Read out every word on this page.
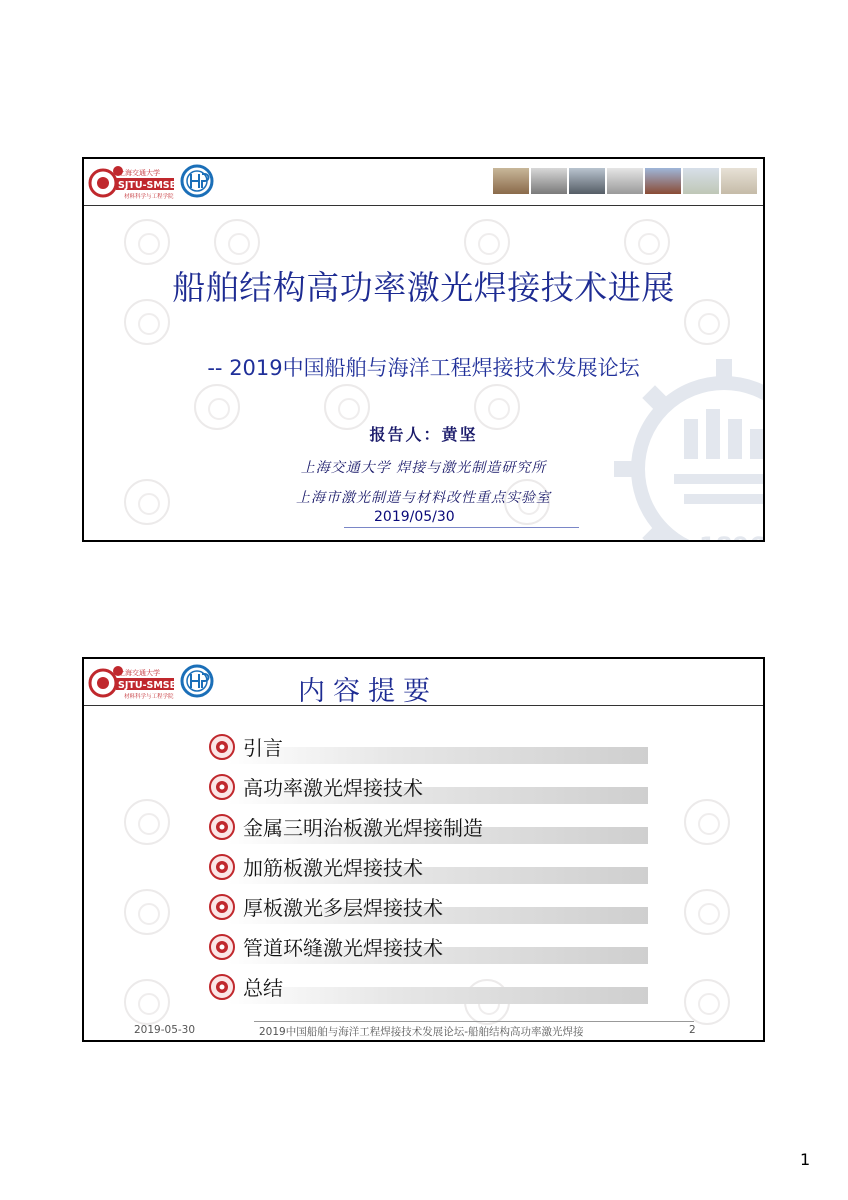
1896
上海交通大学
SJTU-SMSE
材料科学与工程学院
船舶结构高功率激光焊接技术进展
-- 2019中国船舶与海洋工程焊接技术发展论坛
报告人：黄坚
上海交通大学 焊接与激光制造研究所
上海市激光制造与材料改性重点实验室
2019/05/30
上海交通大学
SJTU-SMSE
材料科学与工程学院	内容提要
引言
高功率激光焊接技术
金属三明治板激光焊接制造
加筋板激光焊接技术
厚板激光多层焊接技术
管道环缝激光焊接技术
总结
2019-05-30	2019中国船舶与海洋工程焊接技术发展论坛-船舶结构高功率激光焊接	2
1
